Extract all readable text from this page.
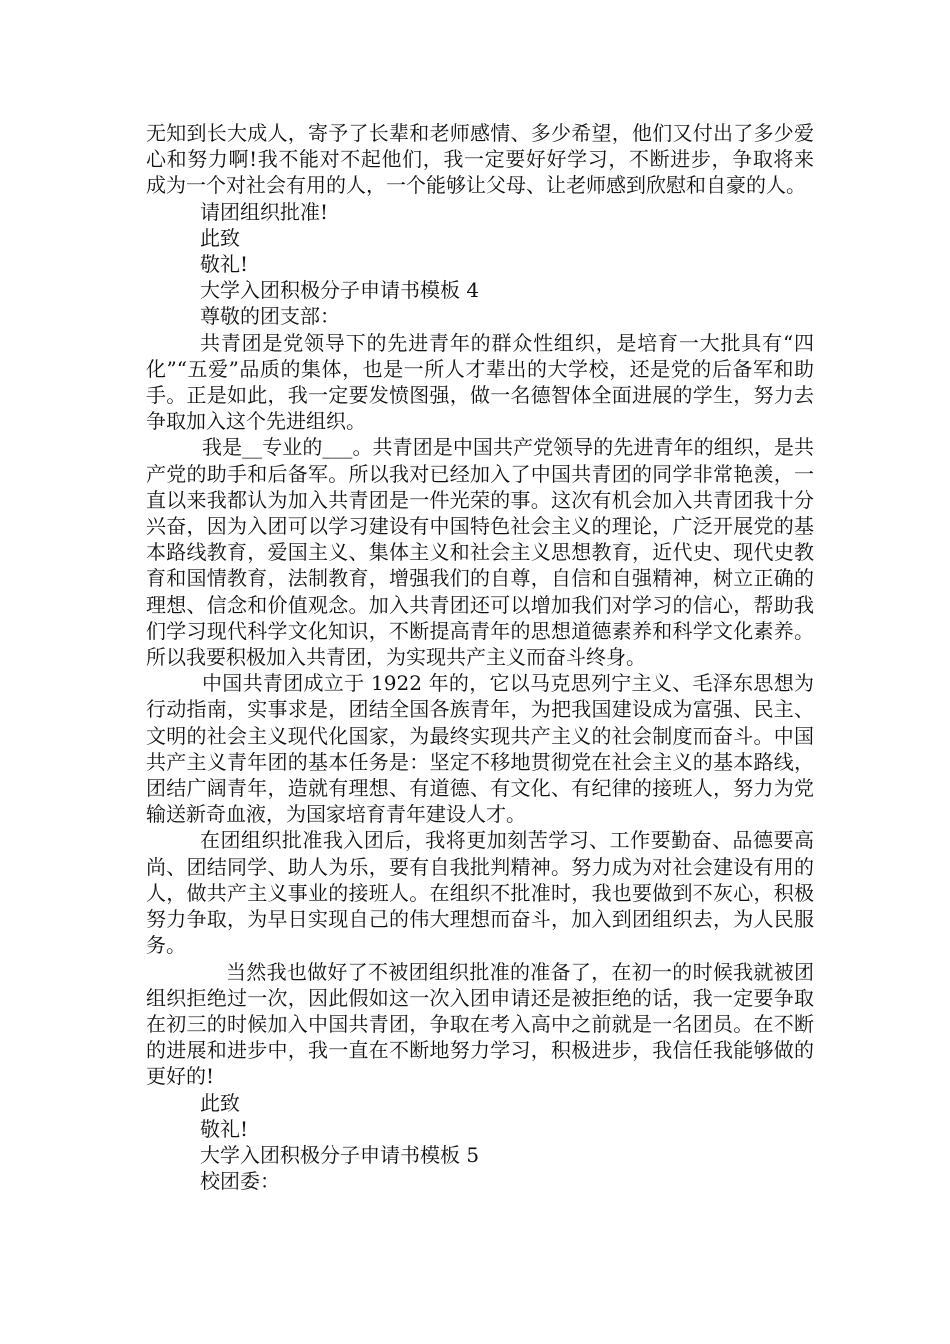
无知到长大成人，寄予了长辈和老师感情、多少希望，他们又付出了多少爱心和努力啊!我不能对不起他们，我一定要好好学习，不断进步，争取将来成为一个对社会有用的人，一个能够让父母、让老师感到欣慰和自豪的人。

请团组织批准!

此致

敬礼!

大学入团积极分子申请书模板 4

尊敬的团支部：

共青团是党领导下的先进青年的群众性组织，是培育一大批具有“四化”“五爱”品质的集体，也是一所人才辈出的大学校，还是党的后备军和助手。正是如此，我一定要发愤图强，做一名德智体全面进展的学生，努力去争取加入这个先进组织。

我是__专业的___。共青团是中国共产党领导的先进青年的组织，是共产党的助手和后备军。所以我对已经加入了中国共青团的同学非常艳羡，一直以来我都认为加入共青团是一件光荣的事。这次有机会加入共青团我十分兴奋，因为入团可以学习建设有中国特色社会主义的理论，广泛开展党的基本路线教育，爱国主义、集体主义和社会主义思想教育，近代史、现代史教育和国情教育，法制教育，增强我们的自尊，自信和自强精神，树立正确的理想、信念和价值观念。加入共青团还可以增加我们对学习的信心，帮助我们学习现代科学文化知识，不断提高青年的思想道德素养和科学文化素养。所以我要积极加入共青团，为实现共产主义而奋斗终身。

中国共青团成立于 1922 年的，它以马克思列宁主义、毛泽东思想为行动指南，实事求是，团结全国各族青年，为把我国建设成为富强、民主、文明的社会主义现代化国家，为最终实现共产主义的社会制度而奋斗。中国共产主义青年团的基本任务是：坚定不移地贯彻党在社会主义的基本路线，团结广阔青年，造就有理想、有道德、有文化、有纪律的接班人，努力为党输送新奇血液，为国家培育青年建设人才。

在团组织批准我入团后，我将更加刻苦学习、工作要勤奋、品德要高尚、团结同学、助人为乐，要有自我批判精神。努力成为对社会建设有用的人，做共产主义事业的接班人。在组织不批准时，我也要做到不灰心，积极努力争取，为早日实现自己的伟大理想而奋斗，加入到团组织去，为人民服务。

当然我也做好了不被团组织批准的准备了，在初一的时候我就被团组织拒绝过一次，因此假如这一次入团申请还是被拒绝的话，我一定要争取在初三的时候加入中国共青团，争取在考入高中之前就是一名团员。在不断的进展和进步中，我一直在不断地努力学习，积极进步，我信任我能够做的更好的!

此致

敬礼!

大学入团积极分子申请书模板 5

校团委：
